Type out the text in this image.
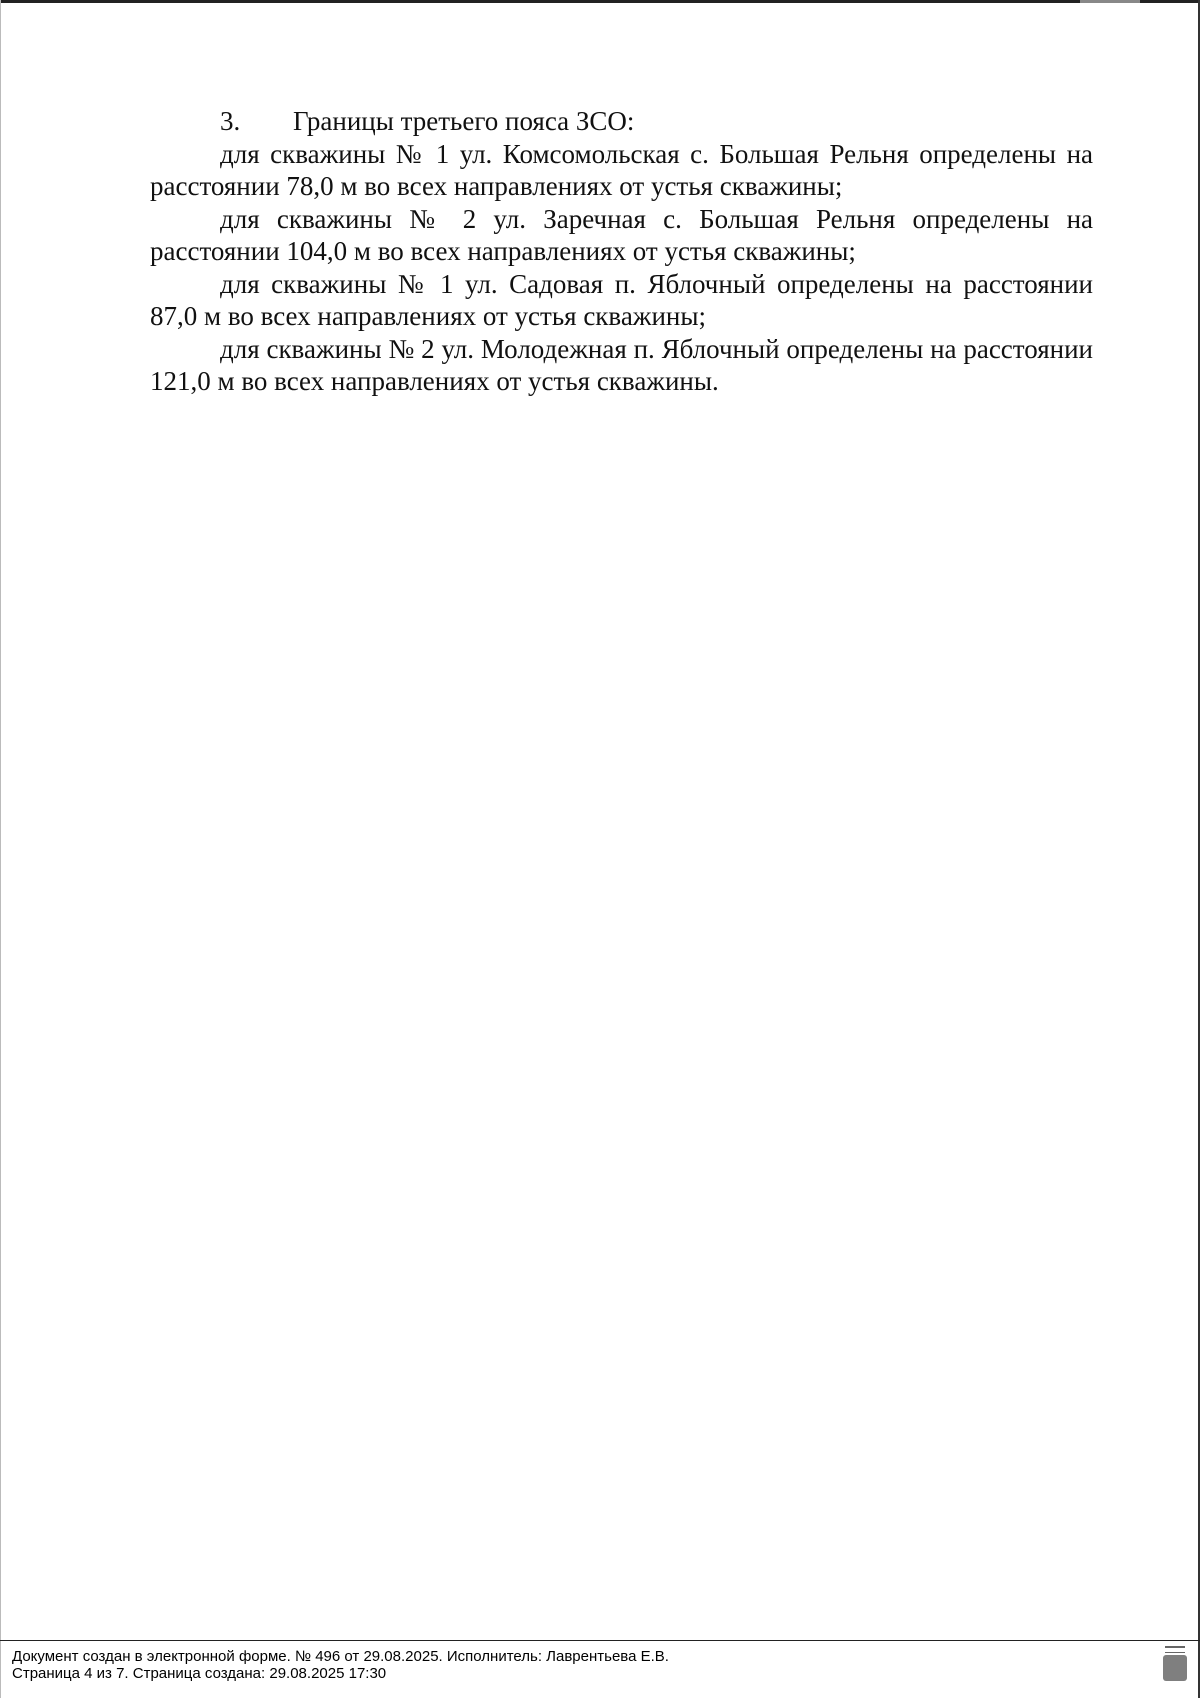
3. Границы третьего пояса ЗСО:

для скважины № 1 ул. Комсомольская с. Большая Рельня определены на расстоянии 78,0 м во всех направлениях от устья скважины;

для скважины № 2 ул. Заречная с. Большая Рельня определены на расстоянии 104,0 м во всех направлениях от устья скважины;

для скважины № 1 ул. Садовая п. Яблочный определены на расстоянии 87,0 м во всех направлениях от устья скважины;

для скважины № 2 ул. Молодежная п. Яблочный определены на расстоянии 121,0 м во всех направлениях от устья скважины.

Документ создан в электронной форме. № 496 от 29.08.2025. Исполнитель: Лаврентьева Е.В.
Страница 4 из 7. Страница создана: 29.08.2025 17:30
